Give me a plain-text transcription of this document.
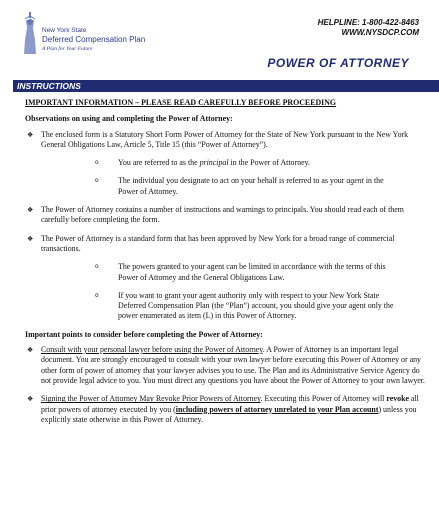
New York State
Deferred Compensation Plan
A Plan for Your Future
HELPLINE: 1-800-422-8463
WWW.NYSDCP.COM
POWER OF ATTORNEY
INSTRUCTIONS

IMPORTANT INFORMATION – PLEASE READ CAREFULLY BEFORE PROCEEDING

Observations on using and completing the Power of Attorney:

❖ The enclosed form is a Statutory Short Form Power of Attorney for the State of New York pursuant to the New York General Obligations Law, Article 5, Title 15 (this “Power of Attorney”).
o You are referred to as the principal in the Power of Attorney.
o The individual you designate to act on your behalf is referred to as your agent in the Power of Attorney.
❖ The Power of Attorney contains a number of instructions and warnings to principals. You should read each of them carefully before completing the form.
❖ The Power of Attorney is a standard form that has been approved by New York for a broad range of commercial transactions.
o The powers granted to your agent can be limited in accordance with the terms of this Power of Attorney and the General Obligations Law.
o If you want to grant your agent authority only with respect to your New York State Deferred Compensation Plan (the “Plan”) account, you should give your agent only the power enumerated as item (L) in this Power of Attorney.

Important points to consider before completing the Power of Attorney:

❖ Consult with your personal lawyer before using the Power of Attorney. A Power of Attorney is an important legal document. You are strongly encouraged to consult with your own lawyer before executing this Power of Attorney or any other form of power of attorney that your lawyer advises you to use. The Plan and its Administrative Service Agency do not provide legal advice to you. You must direct any questions you have about the Power of Attorney to your own lawyer.
❖ Signing the Power of Attorney May Revoke Prior Powers of Attorney. Executing this Power of Attorney will revoke all prior powers of attorney executed by you (including powers of attorney unrelated to your Plan account) unless you explicitly state otherwise in this Power of Attorney.
